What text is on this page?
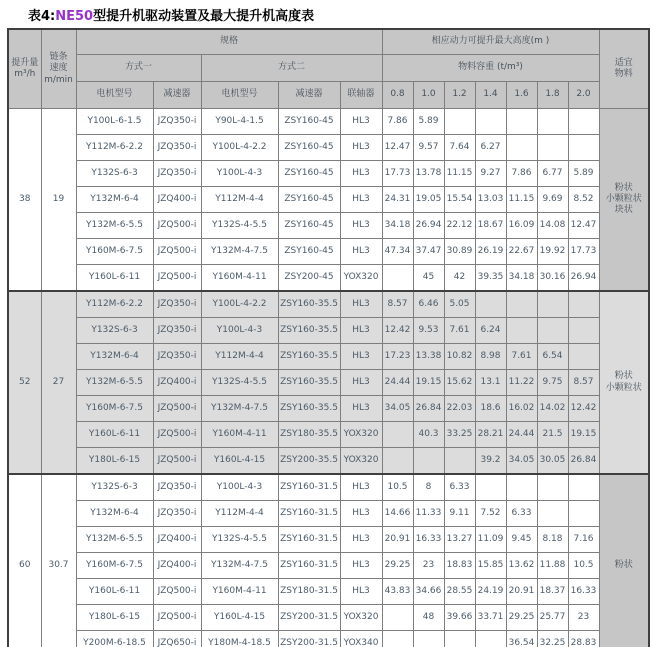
表4:NE50型提升机驱动装置及最大提升机高度表
提升量
m³/h	链条
速度
m/min	规格					相应动力可提升最大高度(m )							适宜
物料

		方式一		方式二			物料容重 (t/m³)							
		电机型号	减速器	电机型号	减速器	联轴器	0.8	1.0	1.2	1.4	1.6	1.8	2.0	
38	19	Y100L-6-1.5	JZQ350-i	Y90L-4-1.5	ZSY160-45	HL3	7.86	5.89						粉状
小颗粒状
块状

		Y112M-6-2.2	JZQ350-i	Y100L-4-2.2	ZSY160-45	HL3	12.47	9.57	7.64	6.27				
		Y132S-6-3	JZQ350-i	Y100L-4-3	ZSY160-45	HL3	17.73	13.78	11.15	9.27	7.86	6.77	5.89	
		Y132M-6-4	JZQ400-i	Y112M-4-4	ZSY160-45	HL3	24.31	19.05	15.54	13.03	11.15	9.69	8.52	
		Y132M-6-5.5	JZQ500-i	Y132S-4-5.5	ZSY160-45	HL3	34.18	26.94	22.12	18.67	16.09	14.08	12.47	
		Y160M-6-7.5	JZQ500-i	Y132M-4-7.5	ZSY160-45	HL3	47.34	37.47	30.89	26.19	22.67	19.92	17.73	
		Y160L-6-11	JZQ500-i	Y160M-4-11	ZSY200-45	YOX320		45	42	39.35	34.18	30.16	26.94	
52	27	Y112M-6-2.2	JZQ350-i	Y100L-4-2.2	ZSY160-35.5	HL3	8.57	6.46	5.05					粉状
小颗粒状

		Y132S-6-3	JZQ350-i	Y100L-4-3	ZSY160-35.5	HL3	12.42	9.53	7.61	6.24				
		Y132M-6-4	JZQ350-i	Y112M-4-4	ZSY160-35.5	HL3	17.23	13.38	10.82	8.98	7.61	6.54		
		Y132M-6-5.5	JZQ400-i	Y132S-4-5.5	ZSY160-35.5	HL3	24.44	19.15	15.62	13.1	11.22	9.75	8.57	
		Y160M-6-7.5	JZQ500-i	Y132M-4-7.5	ZSY160-35.5	HL3	34.05	26.84	22.03	18.6	16.02	14.02	12.42	
		Y160L-6-11	JZQ500-i	Y160M-4-11	ZSY180-35.5	YOX320		40.3	33.25	28.21	24.44	21.5	19.15	
		Y180L-6-15	JZQ500-i	Y160L-4-15	ZSY200-35.5	YOX320				39.2	34.05	30.05	26.84	
60	30.7	Y132S-6-3	JZQ350-i	Y100L-4-3	ZSY160-31.5	HL3	10.5	8	6.33					粉状

		Y132M-6-4	JZQ350-i	Y112M-4-4	ZSY160-31.5	HL3	14.66	11.33	9.11	7.52	6.33			
		Y132M-6-5.5	JZQ400-i	Y132S-4-5.5	ZSY160-31.5	HL3	20.91	16.33	13.27	11.09	9.45	8.18	7.16	
		Y160M-6-7.5	JZQ400-i	Y132M-4-7.5	ZSY160-31.5	HL3	29.25	23	18.83	15.85	13.62	11.88	10.5	
		Y160L-6-11	JZQ500-i	Y160M-4-11	ZSY180-31.5	HL3	43.83	34.66	28.55	24.19	20.91	18.37	16.33	
		Y180L-6-15	JZQ500-i	Y160L-4-15	ZSY200-31.5	YOX320		48	39.66	33.71	29.25	25.77	23	
		Y200M-6-18.5	JZQ650-i	Y180M-4-18.5	ZSY200-31.5	YOX340					36.54	32.25	28.83	
